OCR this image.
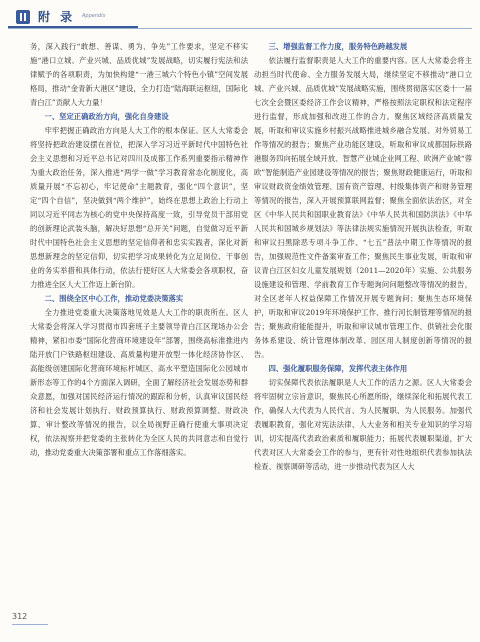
附 录 Appendix

务，深入践行“敢想、善谋、勇为、争先”工作要求，坚定不移实施“港口立城、产业兴城、品质优城”发展战略，切实履行宪法和法律赋予的各项职责，为加快构建“一港三城六个特色小镇”空间发展格局，推动“金青新大港区”建设，全力打造“陆海联运枢纽，国际化青白江”贡献人大力量！

一、坚定正确政治方向，强化自身建设

牢牢把握正确政治方向是人大工作的根本保证。区人大常委会将坚持把政治建设摆在首位，把深入学习习近平新时代中国特色社会主义思想和习近平总书记对四川及成都工作系列重要指示精神作为重大政治任务，深入推进“两学一做”学习教育常态化制度化，高质量开展“不忘初心，牢记使命”主题教育，强化“四个意识”，坚定“四个自信”，坚决做到“两个维护”，始终在思想上政治上行动上同以习近平同志为核心的党中央保持高度一致，引导党员干部用党的创新理论武装头脑，解决好思想“总开关”问题，自觉做习近平新时代中国特色社会主义思想的坚定信仰者和忠实实践者，深化对新思想新理念的坚定信仰，切实把学习成果转化为立足岗位、干事创业的务实举措和具体行动，依法行使好区人大常委会各项职权，奋力推进全区人大工作迈上新台阶。

二、围绕全区中心工作，推动党委决策落实

全力推进党委重大决策落地见效是人大工作的职责所在。区人大常委会将深入学习贯彻市四套班子主要领导青白江区现场办公会精神，紧扣市委“国际化营商环境建设年”部署，围绕高标准推进内陆开放门户铁路枢纽建设、高质量构建开放型一体化经济协作区、高能级创建国际化营商环境标杆城区、高水平塑造国际化公园城市新形态等工作的4个方面深入调研，全面了解经济社会发展态势和群众意愿，加强对国民经济运行情况的跟踪和分析，认真审议国民经济和社会发展计划执行、财政预算执行、财政预算调整、财政决算、审计整改等情况的报告，以全局视野正确行使重大事项决定权，依法视察并把党委的主张转化为全区人民的共同意志和自觉行动，推动党委重大决策部署和重点工作落细落实。

三、增强监督工作力度，服务特色跨越发展

依法履行监督职责是人大工作的重要内容。区人大常委会将主动担当时代使命、全力服务发展大局，继续坚定不移推动“港口立城、产业兴城、品质优城”发展战略实施，围绕贯彻落实区委十一届七次全会暨区委经济工作会议精神，严格按照法定职权和法定程序进行监督，形成加强和改进工作的合力。聚焦区域经济高质量发展，听取和审议实施乡村振兴战略推进城乡融合发展、对外贸易工作等情况的报告；聚焦产业功能区建设，听取和审议成都国际铁路港服务四向拓展全域开放、智慧产业城企业网工程、欧洲产业城“蓉欧”智能制造产业园建设等情况的报告；聚焦财政健康运行，听取和审议财政资金绩效管理、国有资产管理、村级集体资产和财务管理等情况的报告，深入开展预算联网监督；聚焦全面依法治区，对全区《中华人民共和国职业教育法》《中华人民共和国防洪法》《中华人民共和国城乡规划法》等法律法规实施情况开展执法检查，听取和审议扫黑除恶专项斗争工作、“七五”普法中期工作等情况的报告，加强规范性文件备案审查工作；聚焦民生事业发展，听取和审议青白江区妇女儿童发展规划（2011—2020年）实施、公共服务设施建设和管理、学前教育工作专题询问问题整改等情况的报告，对全区老年人权益保障工作情况开展专题询问；聚焦生态环境保护，听取和审议2019年环境保护工作、推行河长制管理等情况的报告；聚焦政府能能提升，听取和审议城市管理工作、供销社会化服务体系建设、统计管理体制改革、园区用人制度创新等情况的报告。

四、强化履职服务保障，发挥代表主体作用

切实保障代表依法履职是人大工作的活力之源。区人大常委会将牢固树立宗旨意识，聚焦民心所愿所盼，继续深化和拓展代表工作，确保人大代表为人民代言、为人民履职、为人民服务。加强代表履职教育，强化对宪法法律、人大业务和相关专业知识的学习培训，切实提高代表政治素质和履职能力；拓展代表履职渠道，扩大代表对区人大常委会工作的参与，更有针对性地组织代表参加执法检查、视察调研等活动，进一步推动代表为区人大

312
